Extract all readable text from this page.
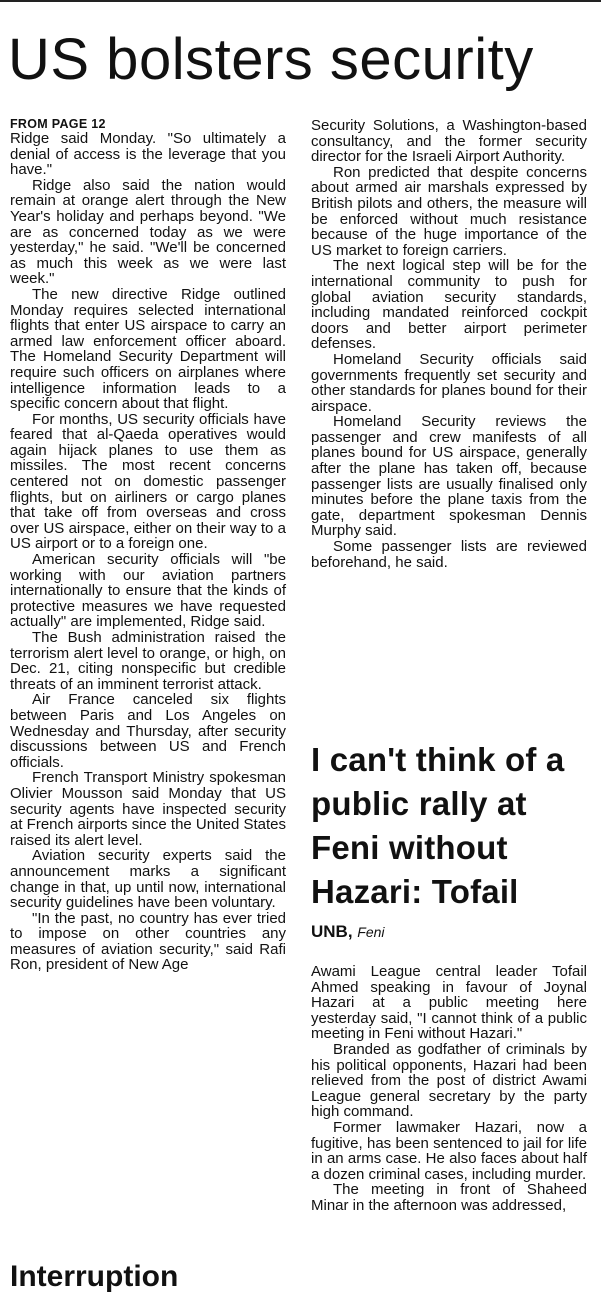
US bolsters security

FROM PAGE 12

Ridge said Monday. "So ultimately a denial of access is the leverage that you have."

Ridge also said the nation would remain at orange alert through the New Year's holiday and perhaps beyond. "We are as concerned today as we were yesterday," he said. "We'll be concerned as much this week as we were last week."

The new directive Ridge outlined Monday requires selected international flights that enter US airspace to carry an armed law enforcement officer aboard. The Homeland Security Department will require such officers on airplanes where intelligence information leads to a specific concern about that flight.

For months, US security officials have feared that al-Qaeda operatives would again hijack planes to use them as missiles. The most recent concerns centered not on domestic passenger flights, but on airliners or cargo planes that take off from overseas and cross over US airspace, either on their way to a US airport or to a foreign one.

American security officials will "be working with our aviation partners internationally to ensure that the kinds of protective measures we have requested actually" are implemented, Ridge said.

The Bush administration raised the terrorism alert level to orange, or high, on Dec. 21, citing nonspecific but credible threats of an imminent terrorist attack.

Air France canceled six flights between Paris and Los Angeles on Wednesday and Thursday, after security discussions between US and French officials.

French Transport Ministry spokesman Olivier Mousson said Monday that US security agents have inspected security at French airports since the United States raised its alert level.

Aviation security experts said the announcement marks a significant change in that, up until now, international security guidelines have been voluntary.

"In the past, no country has ever tried to impose on other countries any measures of aviation security," said Rafi Ron, president of New Age

Security Solutions, a Washington-based consultancy, and the former security director for the Israeli Airport Authority.

Ron predicted that despite concerns about armed air marshals expressed by British pilots and others, the measure will be enforced without much resistance because of the huge importance of the US market to foreign carriers.

The next logical step will be for the international community to push for global aviation security standards, including mandated reinforced cockpit doors and better airport perimeter defenses.

Homeland Security officials said governments frequently set security and other standards for planes bound for their airspace.

Homeland Security reviews the passenger and crew manifests of all planes bound for US airspace, generally after the plane has taken off, because passenger lists are usually finalised only minutes before the plane taxis from the gate, department spokesman Dennis Murphy said.

Some passenger lists are reviewed beforehand, he said.

I can't think of a public rally at Feni without Hazari: Tofail

UNB, Feni

Awami League central leader Tofail Ahmed speaking in favour of Joynal Hazari at a public meeting here yesterday said, "I cannot think of a public meeting in Feni without Hazari."

Branded as godfather of criminals by his political opponents, Hazari had been relieved from the post of district Awami League general secretary by the party high command.

Former lawmaker Hazari, now a fugitive, has been sentenced to jail for life in an arms case. He also faces about half a dozen criminal cases, including murder.

The meeting in front of Shaheed Minar in the afternoon was addressed,

Interruption
